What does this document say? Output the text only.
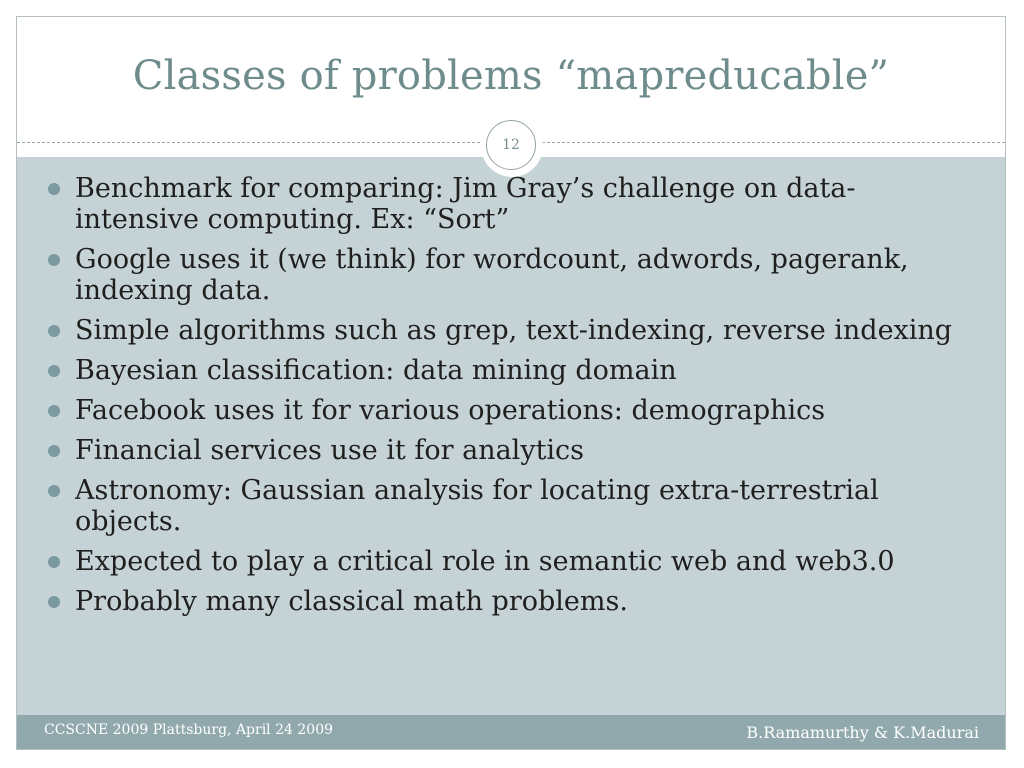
Classes of problems “mapreducable”
12
Benchmark for comparing: Jim Gray’s challenge on data-intensive computing. Ex: “Sort”
Google uses it (we think) for wordcount, adwords, pagerank, indexing data.
Simple algorithms such as grep, text-indexing, reverse indexing
Bayesian classification: data mining domain
Facebook uses it for various operations: demographics
Financial services use it for analytics
Astronomy: Gaussian analysis for locating extra-terrestrial objects.
Expected to play a critical role in semantic web and web3.0
Probably many classical math problems.
CCSCNE 2009 Plattsburg, April 24 2009	B.Ramamurthy & K.Madurai
